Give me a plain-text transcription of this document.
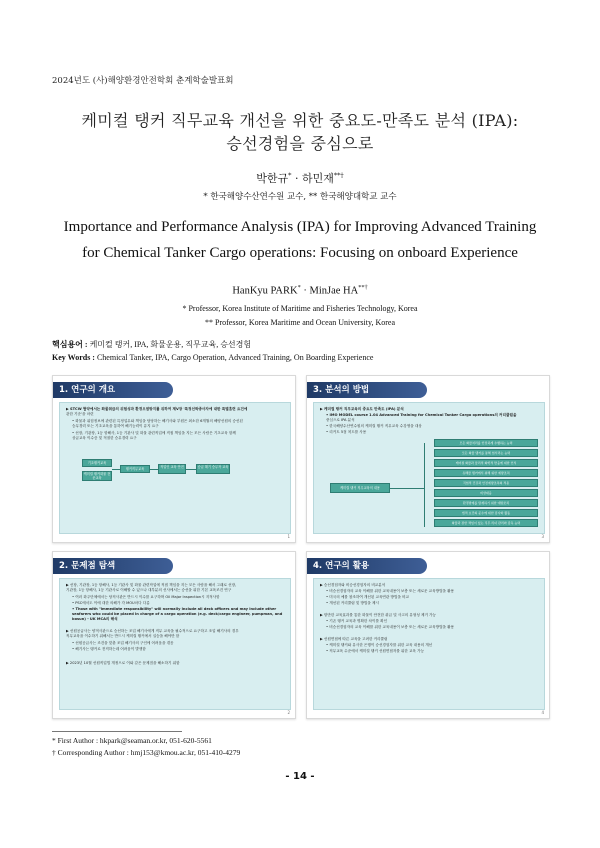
2024년도 (사)해양환경안전학회 춘계학술발표회
케미컬 탱커 직무교육 개선을 위한 중요도-만족도 분석 (IPA):
승선경험을 중심으로
박한규* · 하민재**†
* 한국해양수산연수원 교수, ** 한국해양대학교 교수
Importance and Performance Analysis (IPA) for Improving Advanced Training
for Chemical Tanker Cargo operations: Focusing on onboard Experience
HanKyu PARK* · MinJae HA**†
* Professor, Korea Institute of Maritime and Fisheries Technology, Korea
** Professor, Korea Maritime and Ocean University, Korea
핵심용어 : 케미컬 탱커, IPA, 화물운용, 직무교육, 승선경험
Key Words : Chemical Tanker, IPA, Cargo Operation, Advanced Training, On Boarding Experience
1. 연구의 개요
▶ STCW 협약에서는 화물취급의 위험성과 환경오염방지를 위하여 제V장 '특정선박종사자에 대한 특별훈련 요건에
관한 기준'을 마련
• 화물과 위험정보에 관련된 특정업무와 책임을 담당하는 해기사와 부원은 최소한 6개월의 해양선원의 승선된
승무경력 또는 기초교육을 통하여 해기능력이 유지 요구
• 선장, 기관장, 1등 항해사, 1등 기관사 및 화물 관련직업에 직접 책임을 지는 모든 사람은 기초교육 함께
상급교육 이수증 및 적절한 승무경력 요구
기초탱커교육
케미컬 탱커화물 전문교육
탱커직무교육	직업인 교육 안전	승급 해기 승무자 교육
1
3. 분석의 방법
▶ 케미컬 탱커 직무교육의 중요도 만족도 (IPA) 분석
• IMO MODEL course 1.04 Advanced Training for Chemical Tanker Cargo operations의 커리큘럼을
중심으로 IPA 분석
• 한국해양수산연수원의 케미컬 탱커 직무교육 수강생을 대상
• 리커트 5점 척도를 사용
케미컬 탱커 직무교육의 내용
모든 화물처리를 안전하게 수행하는 능력
모든 화물 탱커를 통해 업서리는 능력
케미컬 화물과 물리적 화학적 반응에 대한 인식
유해물 탱커에서 위해 위한 예방조치
직업적 건강과 안전예방조치의 적용
비상대응
환경방재를 탑재하기 위한 예방조치
법적 요건의 준수에 대한 검사와 활동
화물과 관한 책임이 있는 직무 리더 관리와 감독 능력
3
2. 문제점 탐색
▶ 선장, 기관장, 1등 항해사, 1등 기관사 및 화물 관련작업에 직접 책임을 지는 모든 사람을 해서 그래로 선장,
기관장, 1등 항해사, 1등 기관사로 이해할 수 있으나 대부분의 선사에서는 승선을 위한 기본 교육조건 연구
• 여러 화주단체에서는 당직사관은 반드시 이수를 요구하며 Oil Major Inspection시 지적사항
• PSC에서도 이에 대한 의해가 각 MOU마다 다름
• Those with "immediate responsibility" will normally include all deck officers and may include other
seafarers who could be placed in charge of a cargo operation (e.g. deck/cargo engineer, pumpman, and
bosun) - UK MCA의 해석
▶ 선원공급사는 양적사관으로 승선하는 조업 해기사에게 직무 교육을 필수적으로 요구하고 조업 해기사의 경우
직무교육을 이수하기 위해서는 반드시 케미컬 탱커에서 실승을 해야만 함
• 선원공급사는 조건을 맞춘 조업 해기사의 구인에 어려움을 겪음
• 해기사는 탱커로 전직하는데 어려움이 발생함
▶ 2023년 10월 선원직업법 개정으로 이와 같은 문제점을 해소하기 위함
2
4. 연구의 활용
▶ 승선경험자와 비승선경험자의 비교분석
• 비승선경험자의 교육 이해를 위한 교육내용이 보충 또는 새로운 교육방법을 활용
• 미국의 예를 참조하여 개선된 교육연관 방법을 비교
• 개선된 커리큘럼 및 방법을 제시
▶ 항만한 교육효과를 통한 화물이 안전한 취급 및 사고의 유형성 제거 가능
• 기존 탱커 교육과 명확한 차이를 확인
• 비승선경험자의 교육 이해를 위한 교육내용이 보충 또는 새로운 교육방법을 활용
▶ 선원면접에 따른 교육을 고려한 커리큘럼
• 케미컬 탱커와 유사한 은행이 승선경험자를 위한 교육 내용의 개선
• 직무교육 수준에서 케미컬 탱커 선원면접자를 위한 교육 가능
4
* First Author : hkpark@seaman.or.kr, 051-620-5561
† Corresponding Author : hmj153@kmou.ac.kr, 051-410-4279
- 14 -
